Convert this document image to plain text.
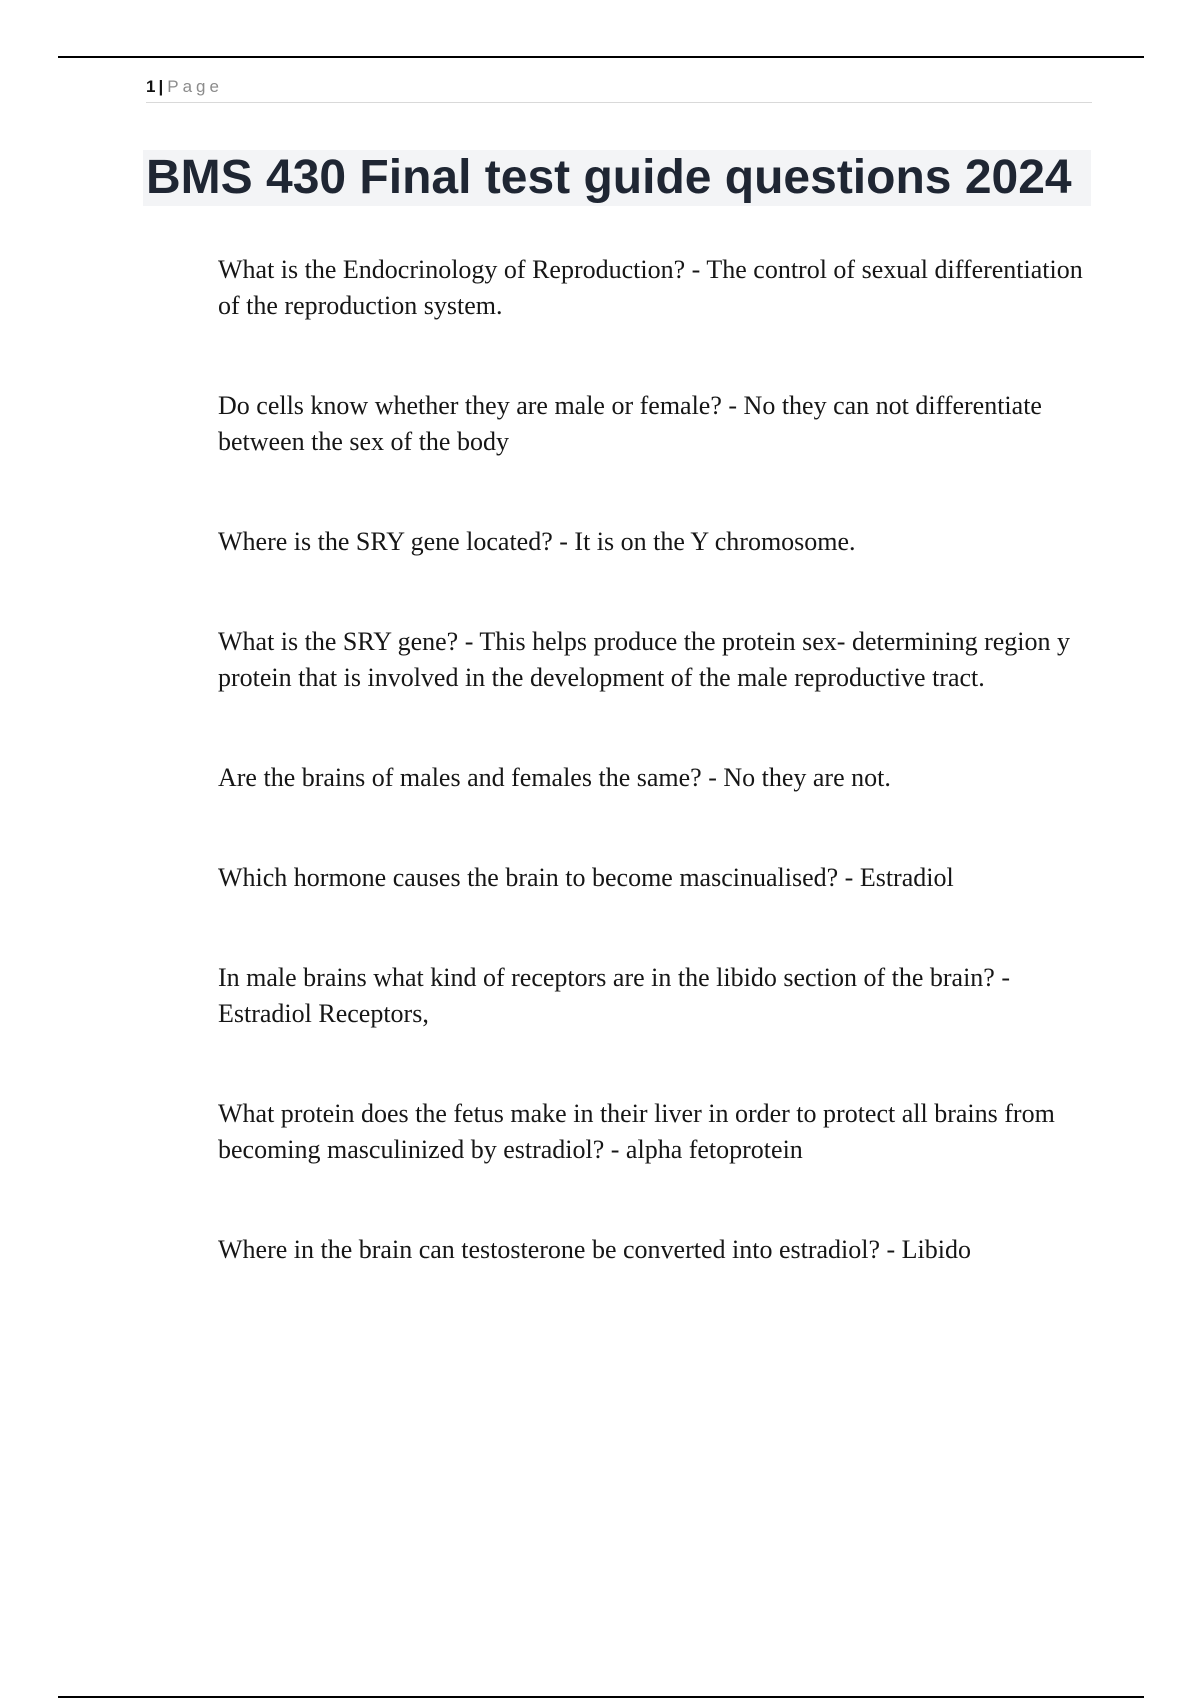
1 | Page
BMS 430 Final test guide questions 2024
What is the Endocrinology of Reproduction? - The control of sexual differentiation of the reproduction system.
Do cells know whether they are male or female? - No they can not differentiate between the sex of the body
Where is the SRY gene located? - It is on the Y chromosome.
What is the SRY gene? - This helps produce the protein sex- determining region y protein that is involved in the development of the male reproductive tract.
Are the brains of males and females the same? - No they are not.
Which hormone causes the brain to become mascinualised? - Estradiol
In male brains what kind of receptors are in the libido section of the brain? - Estradiol Receptors,
What protein does the fetus make in their liver in order to protect all brains from becoming masculinized by estradiol? - alpha fetoprotein
Where in the brain can testosterone be converted into estradiol? - Libido
